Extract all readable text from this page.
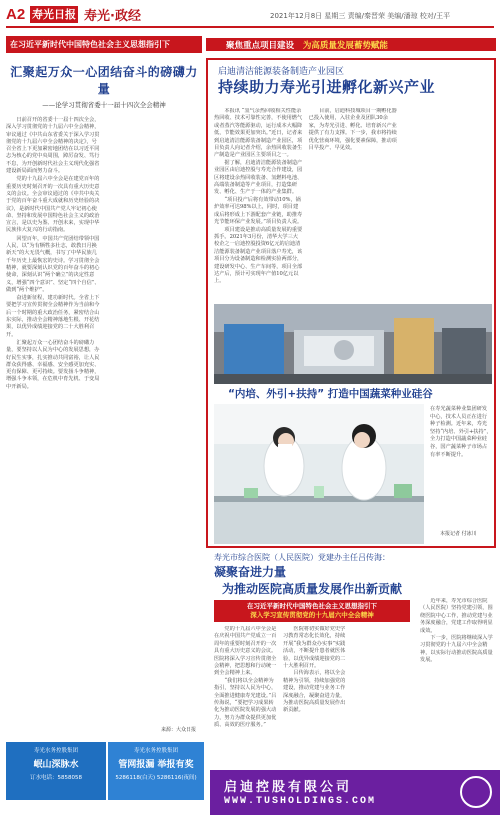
A2 寿光日报 寿光·政经	2021年12月8日 星期三 责编/秦晋荣 美编/潘琼 校对/王平
在习近平新时代中国特色社会主义思想指引下
汇聚起万众一心团结奋斗的磅礴力量
——论学习贯彻省委十一届十四次全会精神

日前召开的省委十一届十四次全会，深入学习贯彻党的十九届六中全会精神，审议通过《中共山东省委关于深入学习贯彻党的十九届六中全会精神的决定》，号召全省上下更加紧密地团结在以习近平同志为核心的党中央周围，踔厉奋发、笃行不怠，为开创新时代社会主义现代化强省建设新局面而努力奋斗。

党的十九届六中全会是在建党百年的重要历史时刻召开的一次具有重大历史意义的会议。全会审议通过的《中共中央关于党的百年奋斗重大成就和历史经验的决议》，是新时代中国共产党人牢记初心使命、坚持和发展中国特色社会主义的政治宣言，是以史为鉴、开创未来，实现中华民族伟大复兴的行动指南。

回望百年，中国共产党团结带领中国人民，以“为有牺牲多壮志，敢教日月换新天”的大无畏气概，书写了中华民族几千年历史上最恢宏的史诗。学习贯彻全会精神，就要深刻认识党的百年奋斗的初心使命，深刻认识“两个确立”的决定性意义，增强“四个意识”、坚定“四个自信”、做到“两个维护”。

奋进新征程，建功新时代。全省上下要把学习宣传贯彻全会精神作为当前和今后一个时期的重大政治任务，紧密结合山东实际，推动全会精神落地生根、开花结果，以优异成绩迎接党的二十大胜利召开。

汇聚起万众一心团结奋斗的磅礴力量，要坚持以人民为中心的发展思想，办好民生实事，扎实推动共同富裕，让人民群众获得感、幸福感、安全感更加充实、更有保障、更可持续。要发扬斗争精神，增强斗争本领，在危机中育先机、于变局中开新局。

来源：大众日报
聚焦重点项目建设 为高质量发展蓄势赋能
启迪清洁能源装备制造产业园区
持续助力寿光引进孵化新兴产业

本报讯 “氢气余热回收相关性能余热回收、技术可靠性完善，不使用燃气或者蒸汽等能源驱动，运行成本大幅降低，节能效果更加突出。”近日，记者来到启迪清洁能源装备制造产业园区，项目负责人向记者介绍，余热回收装备生产制造是产业园区主要项目之一。

据了解，启迪清洁能源装备制造产业园区由启迪控股与寿光合作建设，园区将建设余热回收装备、氢燃料电池、高端装备制造等产业项目，打造集研发、孵化、生产于一体的产业集群。

“项目投产后将有效带动10%，锅炉效率可达98%以上，同时，项目建成后将形成上下游配套产业链，助推寿光节能环保产业发展。”项目负责人说。

项目建设是推动高质量发展的重要抓手。2021年3月份，清华大学三大校企之一启迪控股投资6亿元的启迪清洁能源装备制造产业项目落户寿光，该项目分为设备制造和检测实验两部分，建设研发中心、生产车间等，项目全部达产后，预计可实现年产值10亿元以上。

目前，启迪科技城项目一期孵化器已投入使用，入驻企业及团队30余家，为寿光引进、孵化、培育新兴产业提供了有力支撑。下一步，我市将持续优化营商环境，强化要素保障，推动项目早投产、早见效。

“内培、外引+扶持” 打造中国蔬菜种业硅谷
在寿光蔬菜种业集团研发中心，技术人员正在进行种子检测。近年来，寿光坚持“内培、外引+扶持”，全力打造中国蔬菜种业硅谷，国产蔬菜种子市场占有率不断提升。
本报记者 付冰川
寿光市综合医院（人民医院）党建办主任吕传海：
凝聚奋进力量
为推动医院高质量发展作出新贡献
在习近平新时代中国特色社会主义思想指引下
深入学习宣传贯彻党的十九届六中全会精神

党的十九届六中全会是在庆祝中国共产党成立一百周年的重要时刻召开的一次具有重大历史意义的会议。医院将深入学习宣传贯彻全会精神，把思想和行动统一到全会精神上来。

“我们将以全会精神为指引，坚持以人民为中心，全面推进健康寿光建设。”吕传海说，“要把学习成果转化为推动医院发展的强大动力，努力为群众提供更加优质、高效的医疗服务。”

医院将切实做好党史学习教育常态化长效化，持续开展“我为群众办实事”实践活动，不断提升患者就医体验，以优异成绩迎接党的二十大胜利召开。

吕传海表示，将以全会精神为引领，持续加强党的建设，推动党建与业务工作深度融合，凝聚奋进力量，为推动医院高质量发展作出新贡献。

近年来，寿光市综合医院（人民医院）坚持党建引领，围绕医院中心工作，推动党建与业务深度融合，党建工作取得明显成效。

下一步，医院将继续深入学习贯彻党的十九届六中全会精神，以实际行动推动医院高质量发展。

寿光水务控股集团
岷山深脉水
订水电话：5858058
寿光水务控股集团
管网报漏 举报有奖
5286118(白天) 5286116(夜间)
启迪控股有限公司
WWW.TUSHOLDINGS.COM
